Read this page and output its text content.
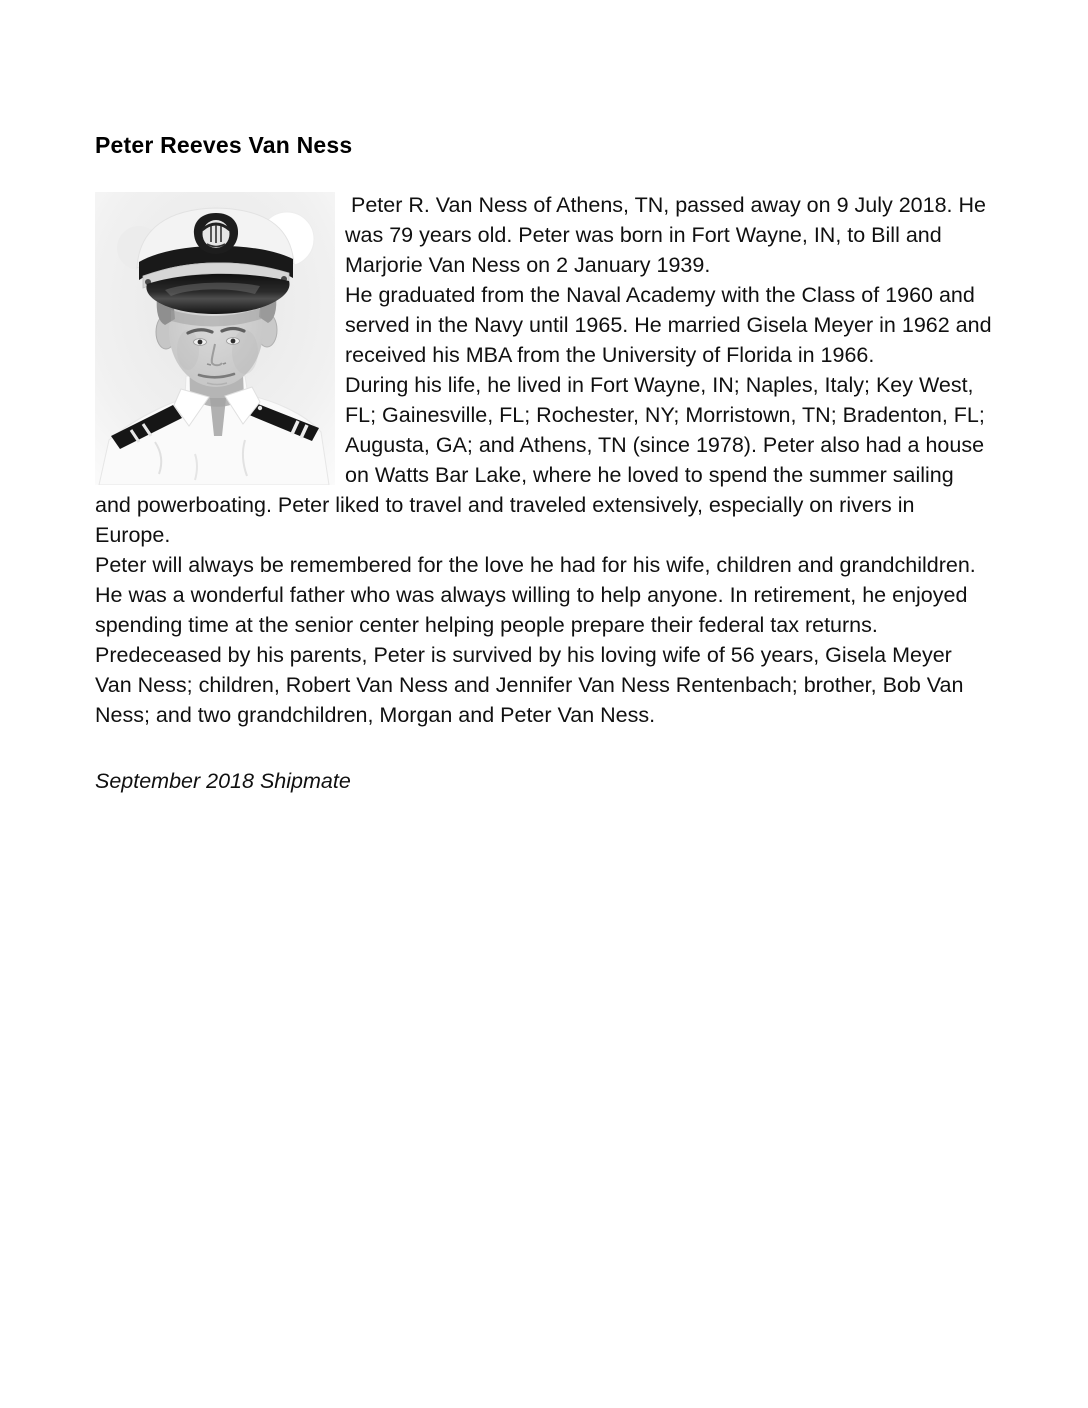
Peter Reeves Van Ness

Peter R. Van Ness of Athens, TN, passed away on 9 July 2018. He was 79 years old. Peter was born in Fort Wayne, IN, to Bill and Marjorie Van Ness on 2 January 1939.

He graduated from the Naval Academy with the Class of 1960 and served in the Navy until 1965. He married Gisela Meyer in 1962 and received his MBA from the University of Florida in 1966.

During his life, he lived in Fort Wayne, IN; Naples, Italy; Key West, FL; Gainesville, FL; Rochester, NY; Morristown, TN; Bradenton, FL; Augusta, GA; and Athens, TN (since 1978). Peter also had a house on Watts Bar Lake, where he loved to spend the summer sailing and powerboating. Peter liked to travel and traveled extensively, especially on rivers in Europe.

Peter will always be remembered for the love he had for his wife, children and grandchildren. He was a wonderful father who was always willing to help anyone. In retirement, he enjoyed spending time at the senior center helping people prepare their federal tax returns.

Predeceased by his parents, Peter is survived by his loving wife of 56 years, Gisela Meyer Van Ness; children, Robert Van Ness and Jennifer Van Ness Rentenbach; brother, Bob Van Ness; and two grandchildren, Morgan and Peter Van Ness.

September 2018 Shipmate
